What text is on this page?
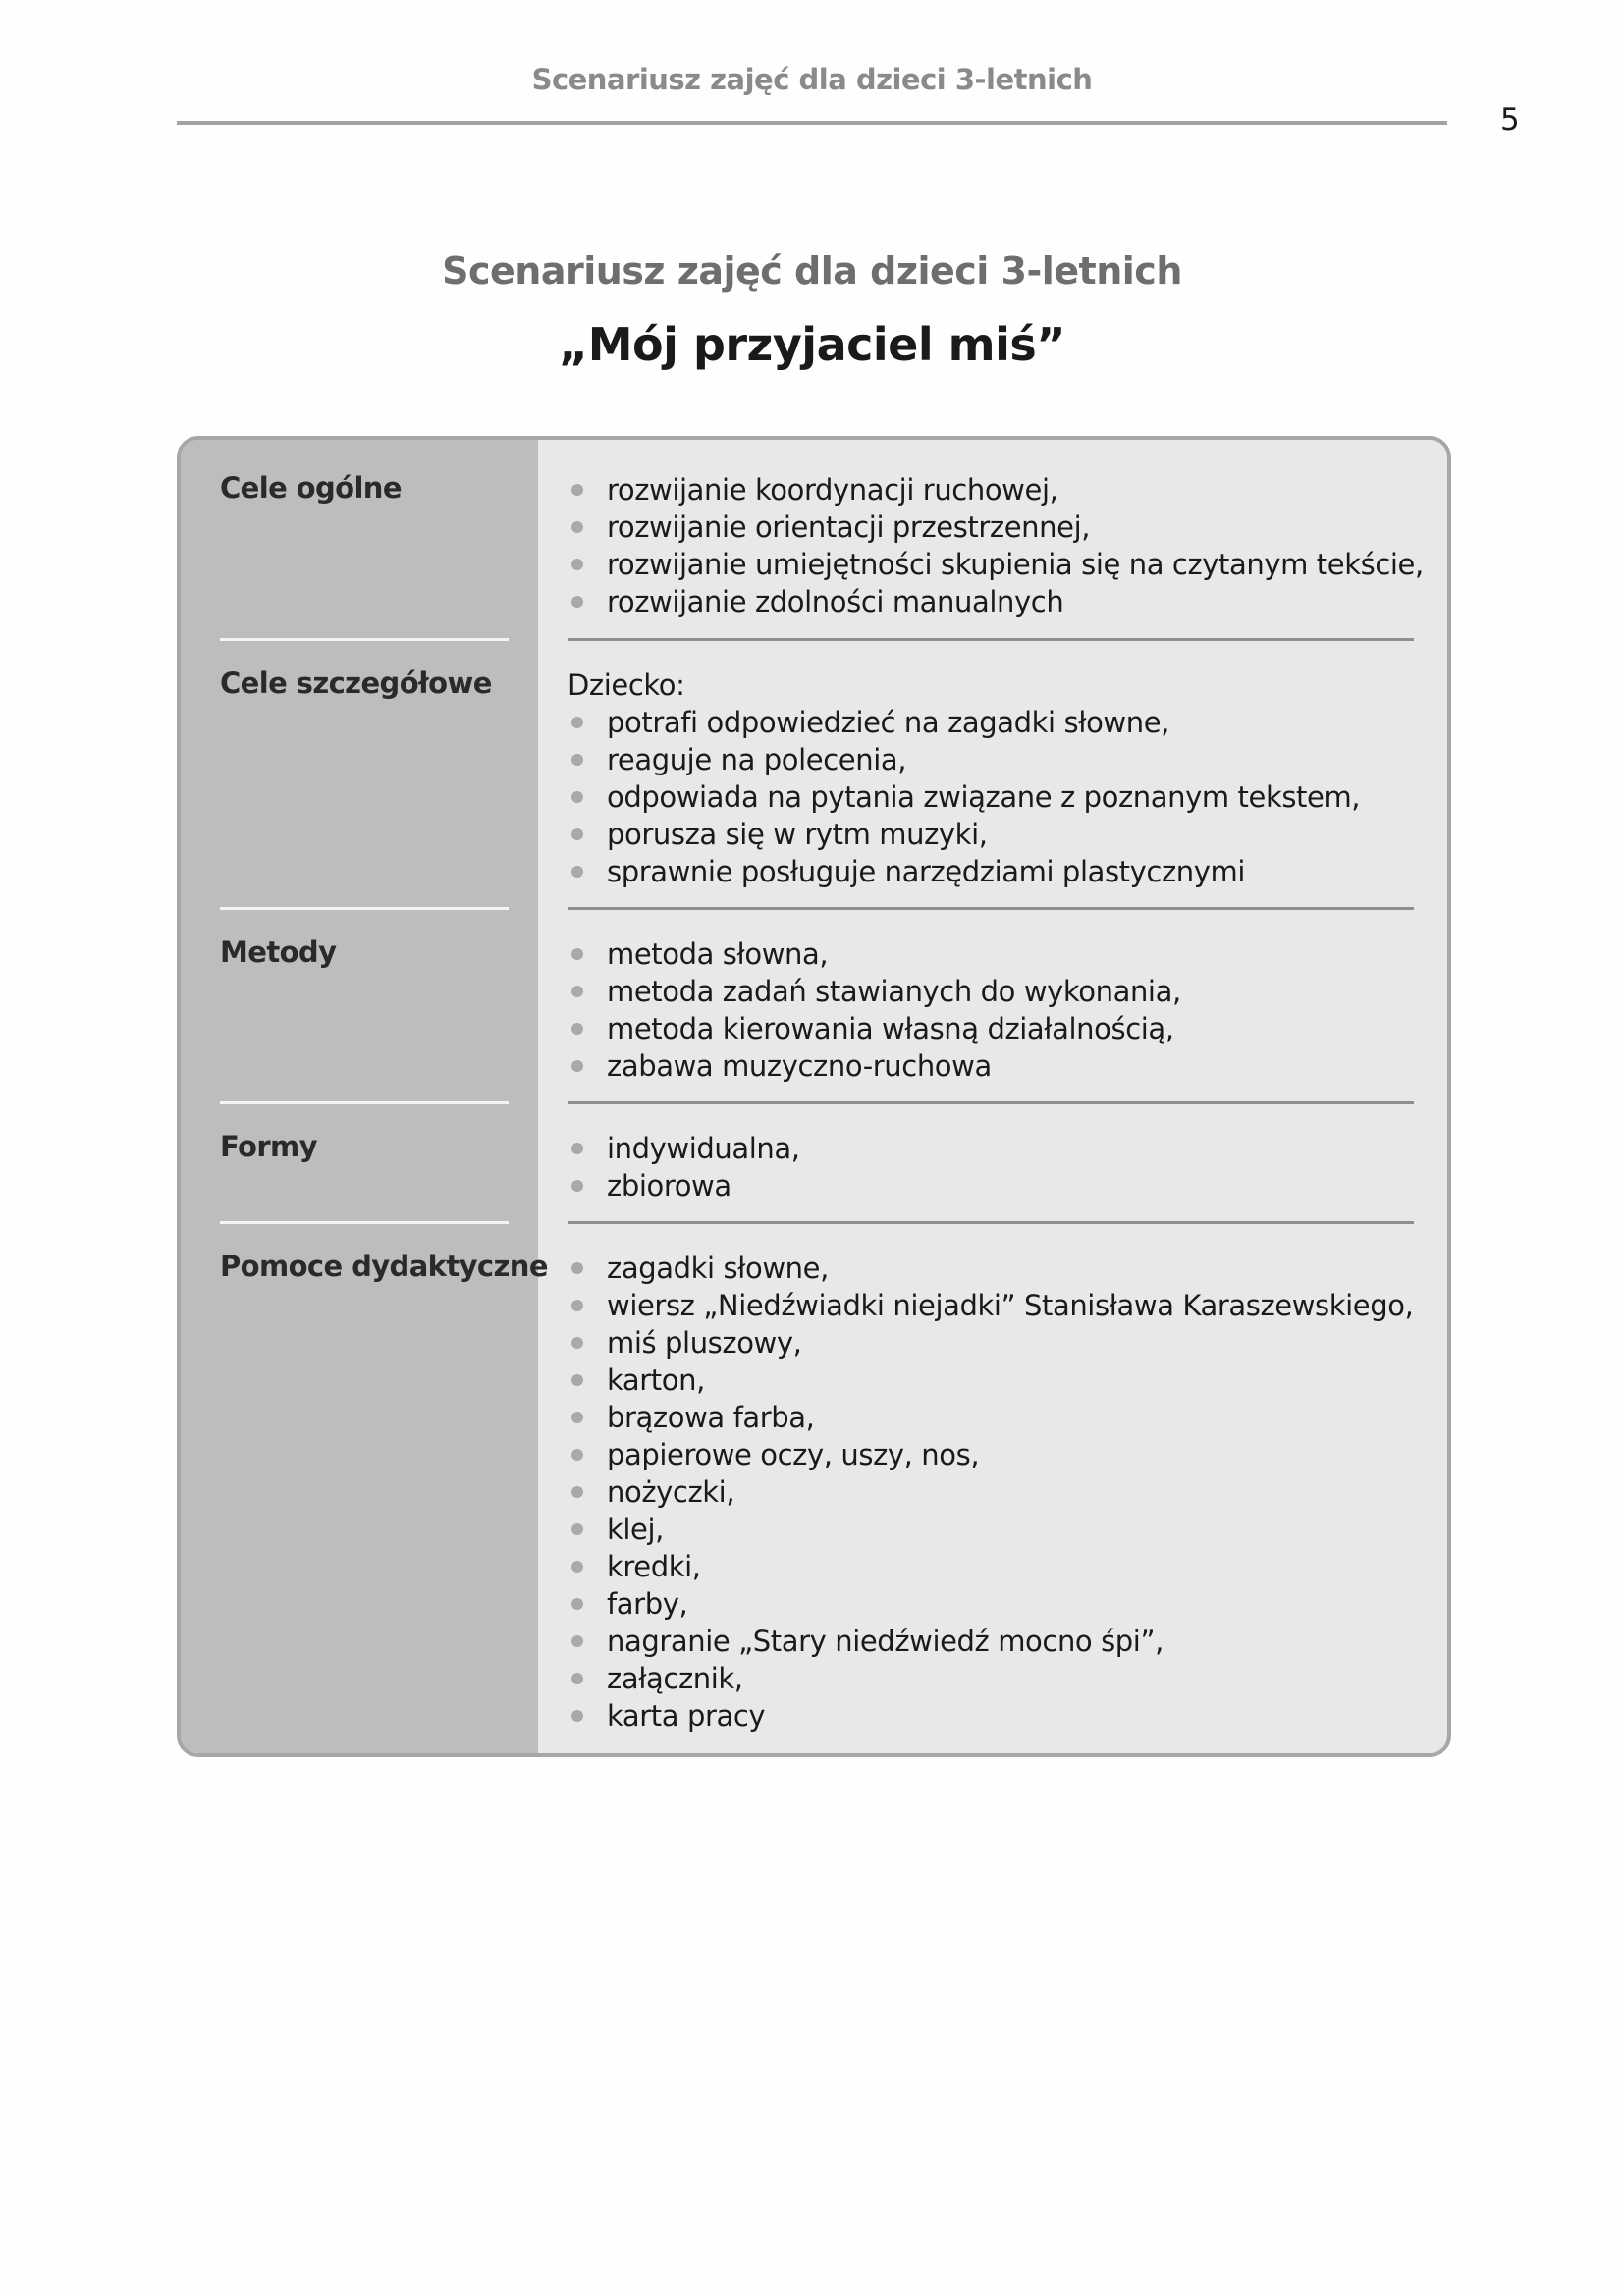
Scenariusz zajęć dla dzieci 3-letnich
5
Scenariusz zajęć dla dzieci 3-letnich
„Mój przyjaciel miś”
Cele ogólne	rozwijanie koordynacji ruchowej,
rozwijanie orientacji przestrzennej,
rozwijanie umiejętności skupienia się na czytanym tekście,
rozwijanie zdolności manualnych
Cele szczegółowe	Dziecko:
potrafi odpowiedzieć na zagadki słowne,
reaguje na polecenia,
odpowiada na pytania związane z poznanym tekstem,
porusza się w rytm muzyki,
sprawnie posługuje narzędziami plastycznymi
Metody	metoda słowna,
metoda zadań stawianych do wykonania,
metoda kierowania własną działalnością,
zabawa muzyczno-ruchowa
Formy	indywidualna,
zbiorowa
Pomoce dydaktyczne	zagadki słowne,
wiersz „Niedźwiadki niejadki” Stanisława Karaszewskiego,
miś pluszowy,
karton,
brązowa farba,
papierowe oczy, uszy, nos,
nożyczki,
klej,
kredki,
farby,
nagranie „Stary niedźwiedź mocno śpi”,
załącznik,
karta pracy
